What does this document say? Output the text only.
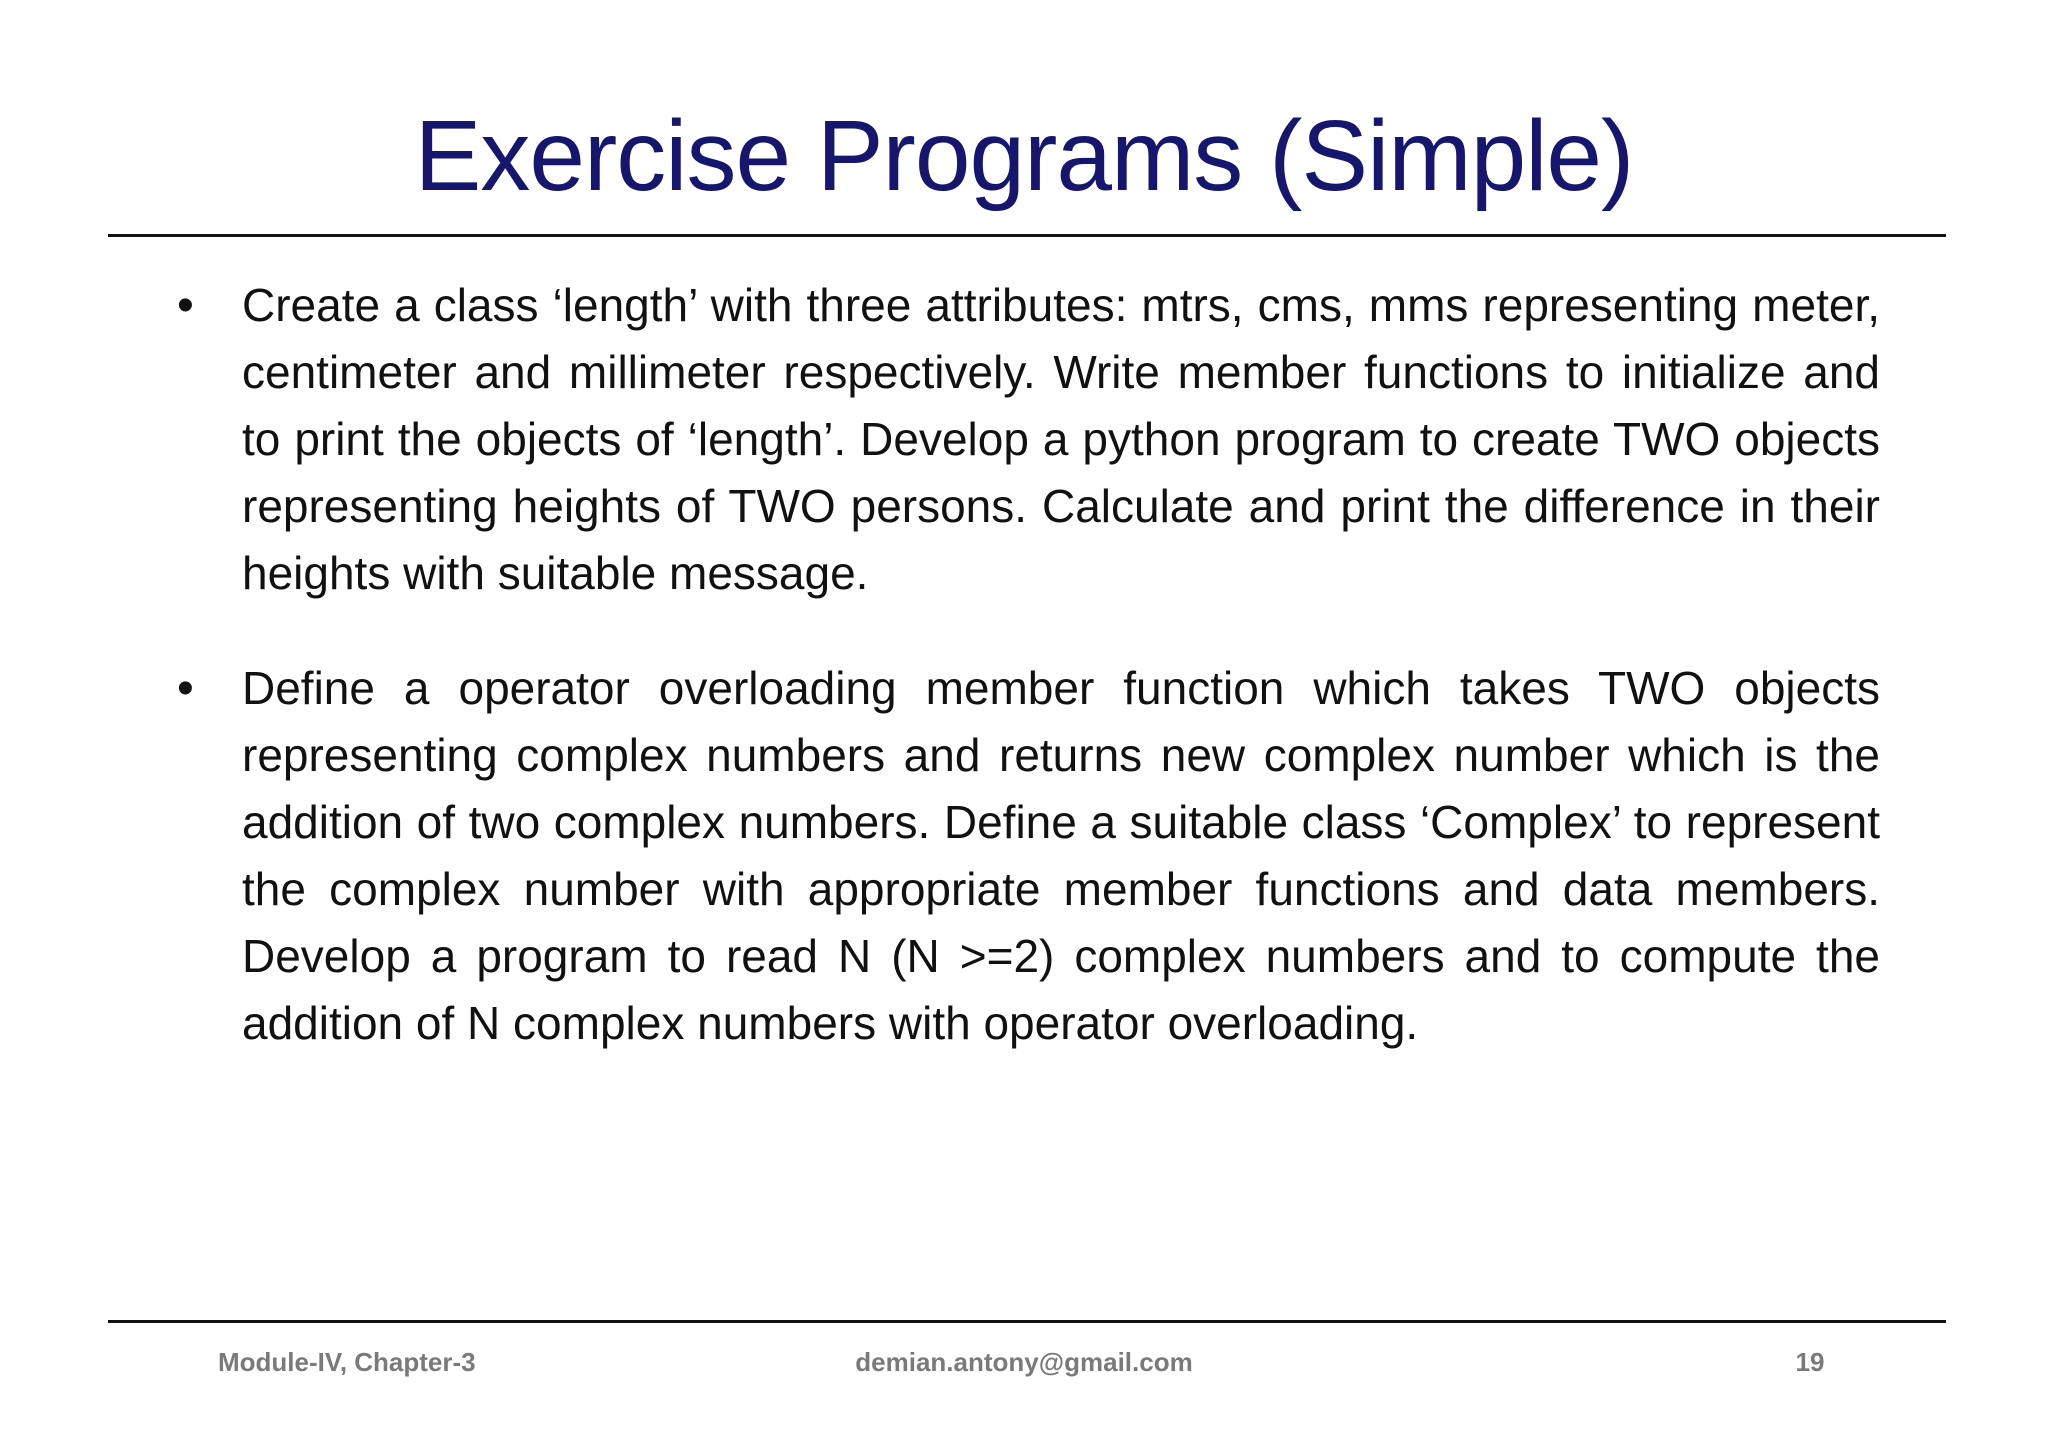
Exercise Programs (Simple)
• Create a class ‘length’ with three attributes: mtrs, cms, mms representing meter, centimeter and millimeter respectively. Write member functions to initialize and to print the objects of ‘length’. Develop a python program to create TWO objects representing heights of TWO persons. Calculate and print the difference in their heights with suitable message.

• Define a operator overloading member function which takes TWO objects representing complex numbers and returns new complex number which is the addition of two complex numbers. Define a suitable class ‘Complex’ to represent the complex number with appropriate member functions and data members. Develop a program to read N (N >=2) complex numbers and to compute the addition of N complex numbers with operator overloading.

Module-IV, Chapter-3	demian.antony@gmail.com	19
